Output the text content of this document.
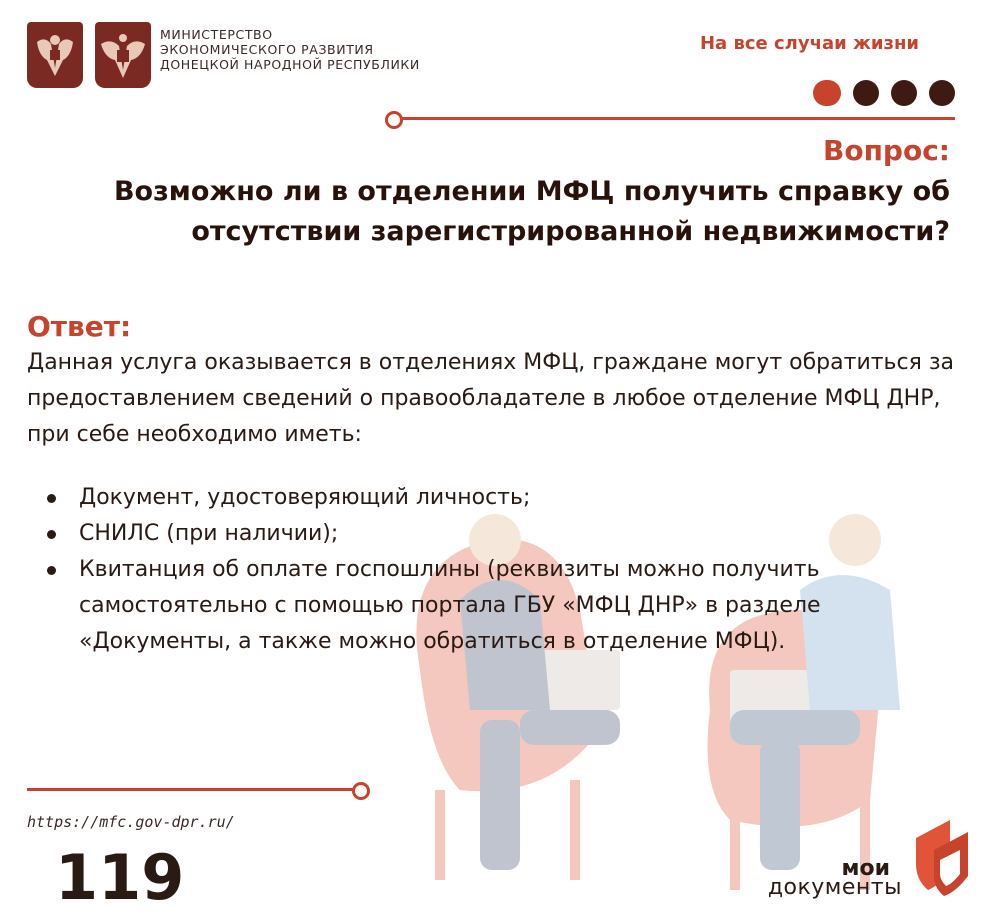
МИНИСТЕРСТВО
ЭКОНОМИЧЕСКОГО РАЗВИТИЯ
ДОНЕЦКОЙ НАРОДНОЙ РЕСПУБЛИКИ
На все случаи жизни
Вопрос:
Возможно ли в отделении МФЦ получить справку об отсутствии зарегистрированной недвижимости?
Ответ:
Данная услуга оказывается в отделениях МФЦ, граждане могут обратиться за предоставлением сведений о правообладателе в любое отделение МФЦ ДНР, при себе необходимо иметь:
Документ, удостоверяющий личность;
СНИЛС (при наличии);
Квитанция об оплате госпошлины (реквизиты можно получить самостоятельно с помощью портала ГБУ «МФЦ ДНР» в разделе «Документы, а также можно обратиться в отделение МФЦ).
https://mfc.gov-dpr.ru/
119	мои
документы
